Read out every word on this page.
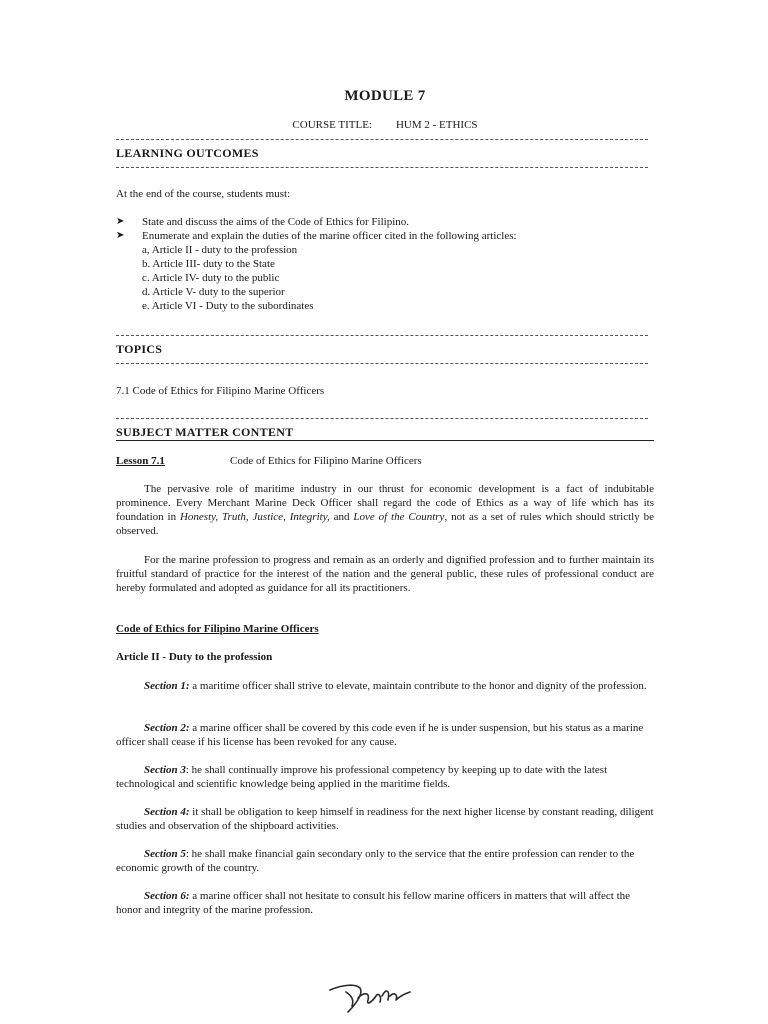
MODULE 7
COURSE TITLE: HUM 2 - ETHICS
LEARNING OUTCOMES
At the end of the course, students must:
➤ State and discuss the aims of the Code of Ethics for Filipino.
➤ Enumerate and explain the duties of the marine officer cited in the following articles:
a, Article II - duty to the profession
b. Article III- duty to the State
c. Article IV- duty to the public
d. Article V- duty to the superior
e. Article VI - Duty to the subordinates
TOPICS
7.1 Code of Ethics for Filipino Marine Officers
SUBJECT MATTER CONTENT
Lesson 7.1	Code of Ethics for Filipino Marine Officers
The pervasive role of maritime industry in our thrust for economic development is a fact of indubitable prominence. Every Merchant Marine Deck Officer shall regard the code of Ethics as a way of life which has its foundation in Honesty, Truth, Justice, Integrity, and Love of the Country, not as a set of rules which should strictly be observed.
For the marine profession to progress and remain as an orderly and dignified profession and to further maintain its fruitful standard of practice for the interest of the nation and the general public, these rules of professional conduct are hereby formulated and adopted as guidance for all its practitioners.
Code of Ethics for Filipino Marine Officers
Article II - Duty to the profession
Section 1: a maritime officer shall strive to elevate, maintain contribute to the honor and dignity of the profession.
Section 2: a marine officer shall be covered by this code even if he is under suspension, but his status as a marine officer shall cease if his license has been revoked for any cause.
Section 3: he shall continually improve his professional competency by keeping up to date with the latest technological and scientific knowledge being applied in the maritime fields.
Section 4: it shall be obligation to keep himself in readiness for the next higher license by constant reading, diligent studies and observation of the shipboard activities.
Section 5: he shall make financial gain secondary only to the service that the entire profession can render to the economic growth of the country.
Section 6: a marine officer shall not hesitate to consult his fellow marine officers in matters that will affect the honor and integrity of the marine profession.
